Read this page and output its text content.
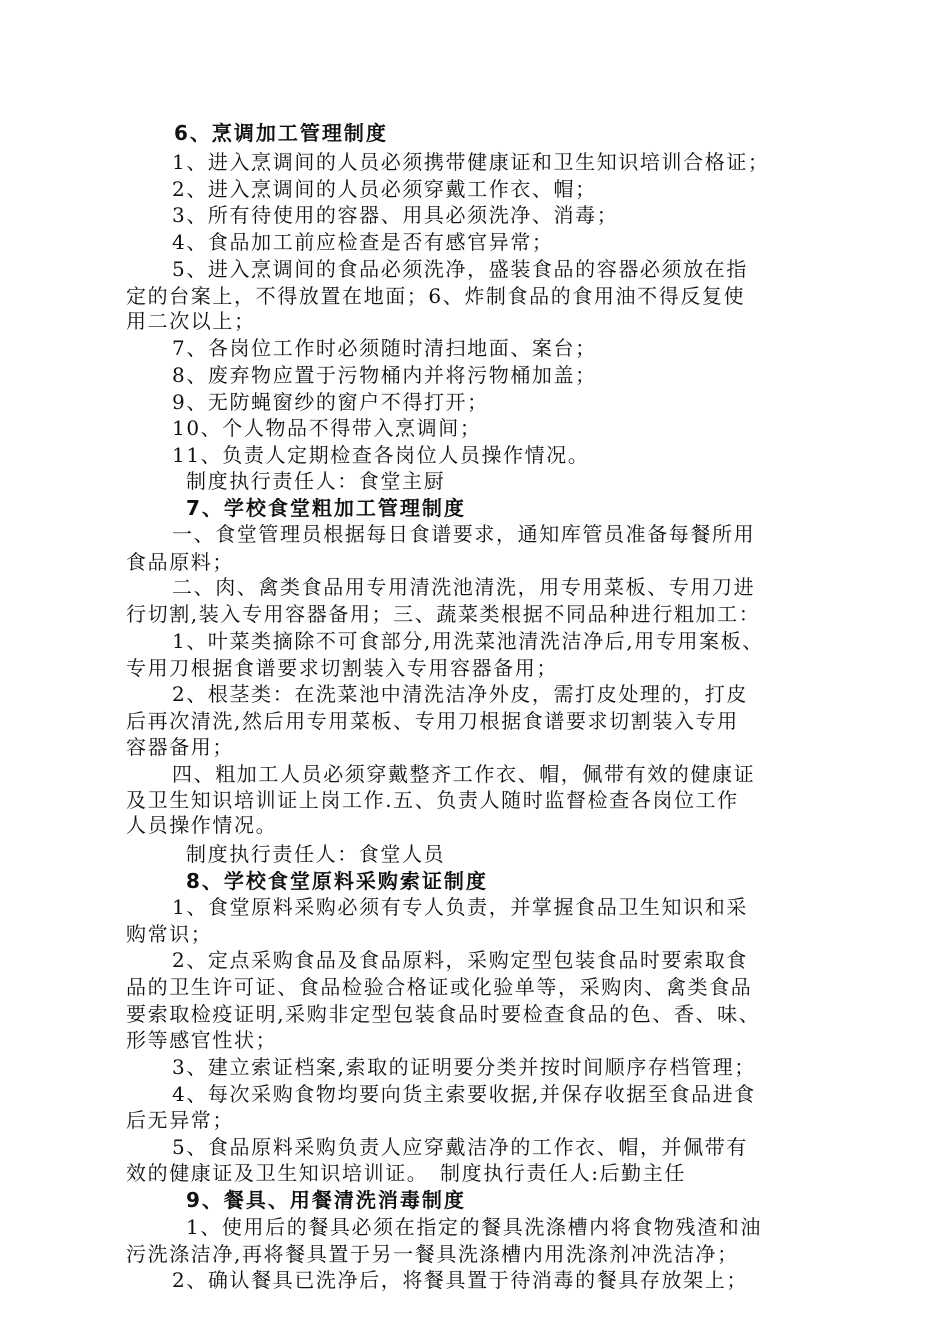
6、烹调加工管理制度
1、进入烹调间的人员必须携带健康证和卫生知识培训合格证；
2、进入烹调间的人员必须穿戴工作衣、帽；
3、所有待使用的容器、用具必须洗净、消毒；
4、食品加工前应检查是否有感官异常；
5、进入烹调间的食品必须洗净，盛装食品的容器必须放在指
定的台案上，不得放置在地面；6、炸制食品的食用油不得反复使
用二次以上；
7、各岗位工作时必须随时清扫地面、案台；
8、废弃物应置于污物桶内并将污物桶加盖；
9、无防蝇窗纱的窗户不得打开；
10、个人物品不得带入烹调间；
11、负责人定期检查各岗位人员操作情况。
制度执行责任人：食堂主厨
7、学校食堂粗加工管理制度
一、食堂管理员根据每日食谱要求，通知库管员准备每餐所用
食品原料；
二、肉、禽类食品用专用清洗池清洗，用专用菜板、专用刀进
行切割,装入专用容器备用；三、蔬菜类根据不同品种进行粗加工：
1、叶菜类摘除不可食部分,用洗菜池清洗洁净后,用专用案板、
专用刀根据食谱要求切割装入专用容器备用；
2、根茎类：在洗菜池中清洗洁净外皮，需打皮处理的，打皮
后再次清洗,然后用专用菜板、专用刀根据食谱要求切割装入专用
容器备用；
四、粗加工人员必须穿戴整齐工作衣、帽，佩带有效的健康证
及卫生知识培训证上岗工作.五、负责人随时监督检查各岗位工作
人员操作情况。
制度执行责任人：食堂人员
8、学校食堂原料采购索证制度
1、食堂原料采购必须有专人负责，并掌握食品卫生知识和采
购常识；
2、定点采购食品及食品原料，采购定型包装食品时要索取食
品的卫生许可证、食品检验合格证或化验单等，采购肉、禽类食品
要索取检疫证明,采购非定型包装食品时要检查食品的色、香、味、
形等感官性状；
3、建立索证档案,索取的证明要分类并按时间顺序存档管理；
4、每次采购食物均要向货主索要收据,并保存收据至食品进食
后无异常；
5、食品原料采购负责人应穿戴洁净的工作衣、帽，并佩带有
效的健康证及卫生知识培训证。　制度执行责任人:后勤主任
9、餐具、用餐清洗消毒制度
1、使用后的餐具必须在指定的餐具洗涤槽内将食物残渣和油
污洗涤洁净,再将餐具置于另一餐具洗涤槽内用洗涤剂冲洗洁净；
2、确认餐具已洗净后，将餐具置于待消毒的餐具存放架上；
